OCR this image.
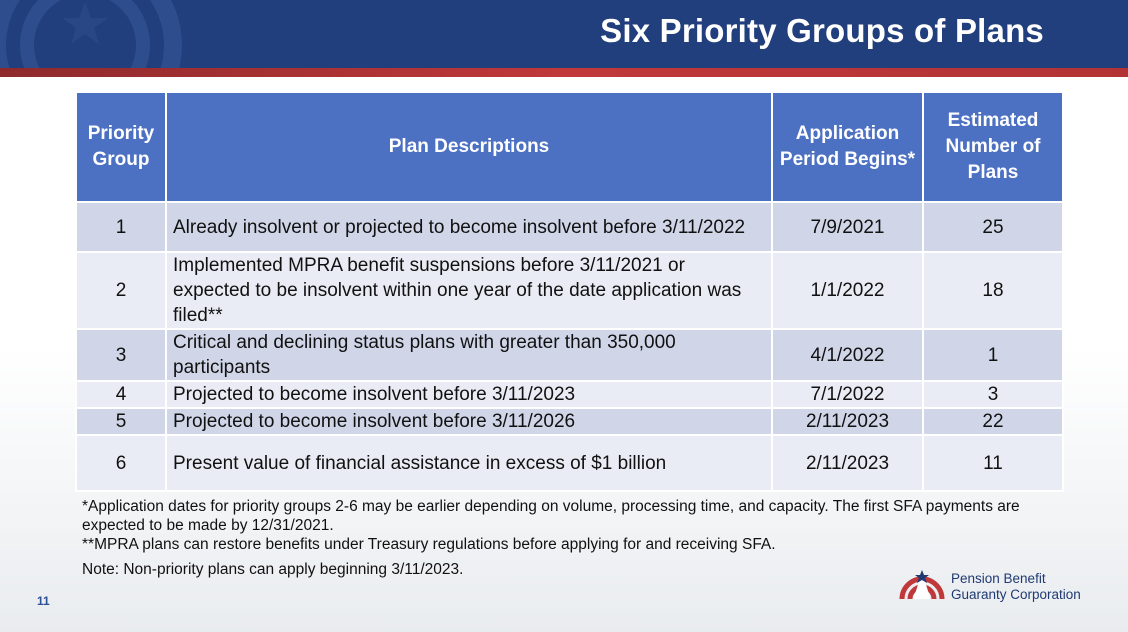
Six Priority Groups of Plans
Priority Group	Plan Descriptions	Application Period Begins*	Estimated Number of Plans
1	Already insolvent or projected to become insolvent before 3/11/2022	7/9/2021	25
2	Implemented MPRA benefit suspensions before 3/11/2021 or expected to be insolvent within one year of the date application was filed**	1/1/2022	18
3	Critical and declining status plans with greater than 350,000 participants	4/1/2022	1
4	Projected to become insolvent before 3/11/2023	7/1/2022	3
5	Projected to become insolvent before 3/11/2026	2/11/2023	22
6	Present value of financial assistance in excess of $1 billion	2/11/2023	11

*Application dates for priority groups 2-6 may be earlier depending on volume, processing time, and capacity. The first SFA payments are expected to be made by 12/31/2021.

**MPRA plans can restore benefits under Treasury regulations before applying for and receiving SFA.

Note: Non-priority plans can apply beginning 3/11/2023.

11
Pension Benefit
Guaranty Corporation
